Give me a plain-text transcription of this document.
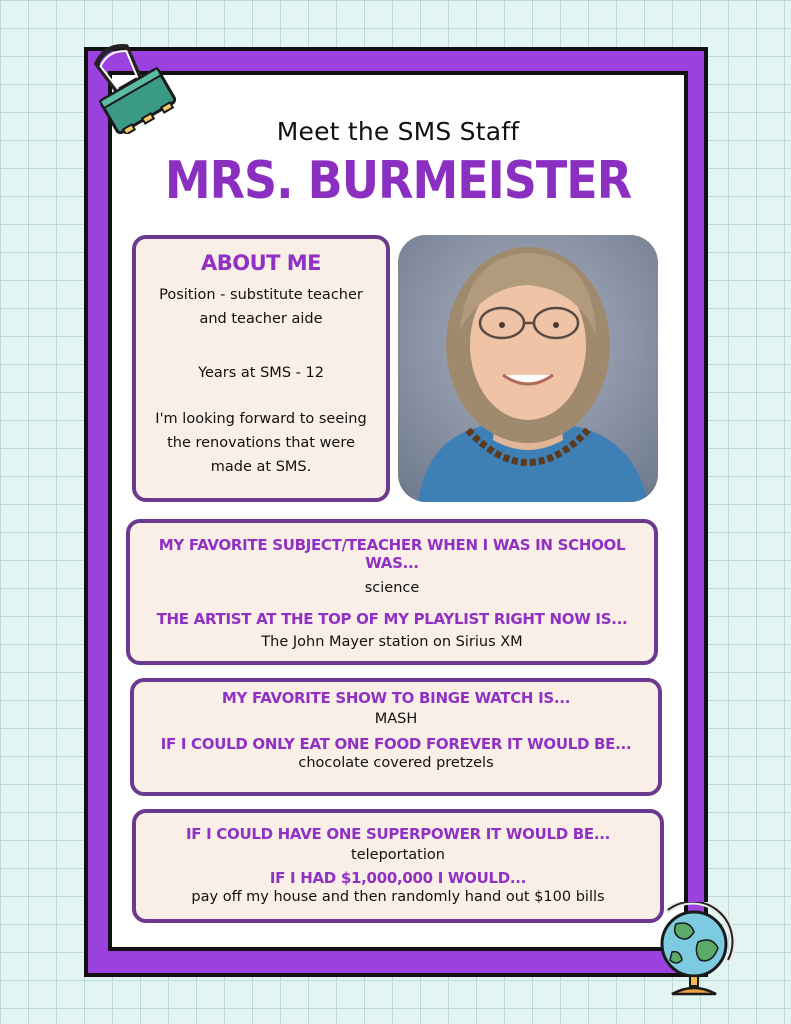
Meet the SMS Staff
MRS. BURMEISTER
ABOUT ME
Position - substitute teacher
and teacher aide
Years at SMS - 12
I'm looking forward to seeing
the renovations that were
made at SMS.
MY FAVORITE SUBJECT/TEACHER WHEN I WAS IN SCHOOL WAS...
science
THE ARTIST AT THE TOP OF MY PLAYLIST RIGHT NOW IS...
The John Mayer station on Sirius XM
MY FAVORITE SHOW TO BINGE WATCH IS...
MASH
IF I COULD ONLY EAT ONE FOOD FOREVER IT WOULD BE...
chocolate covered pretzels
IF I COULD HAVE ONE SUPERPOWER IT WOULD BE...
teleportation
IF I HAD $1,000,000 I WOULD...
pay off my house and then randomly hand out $100 bills
